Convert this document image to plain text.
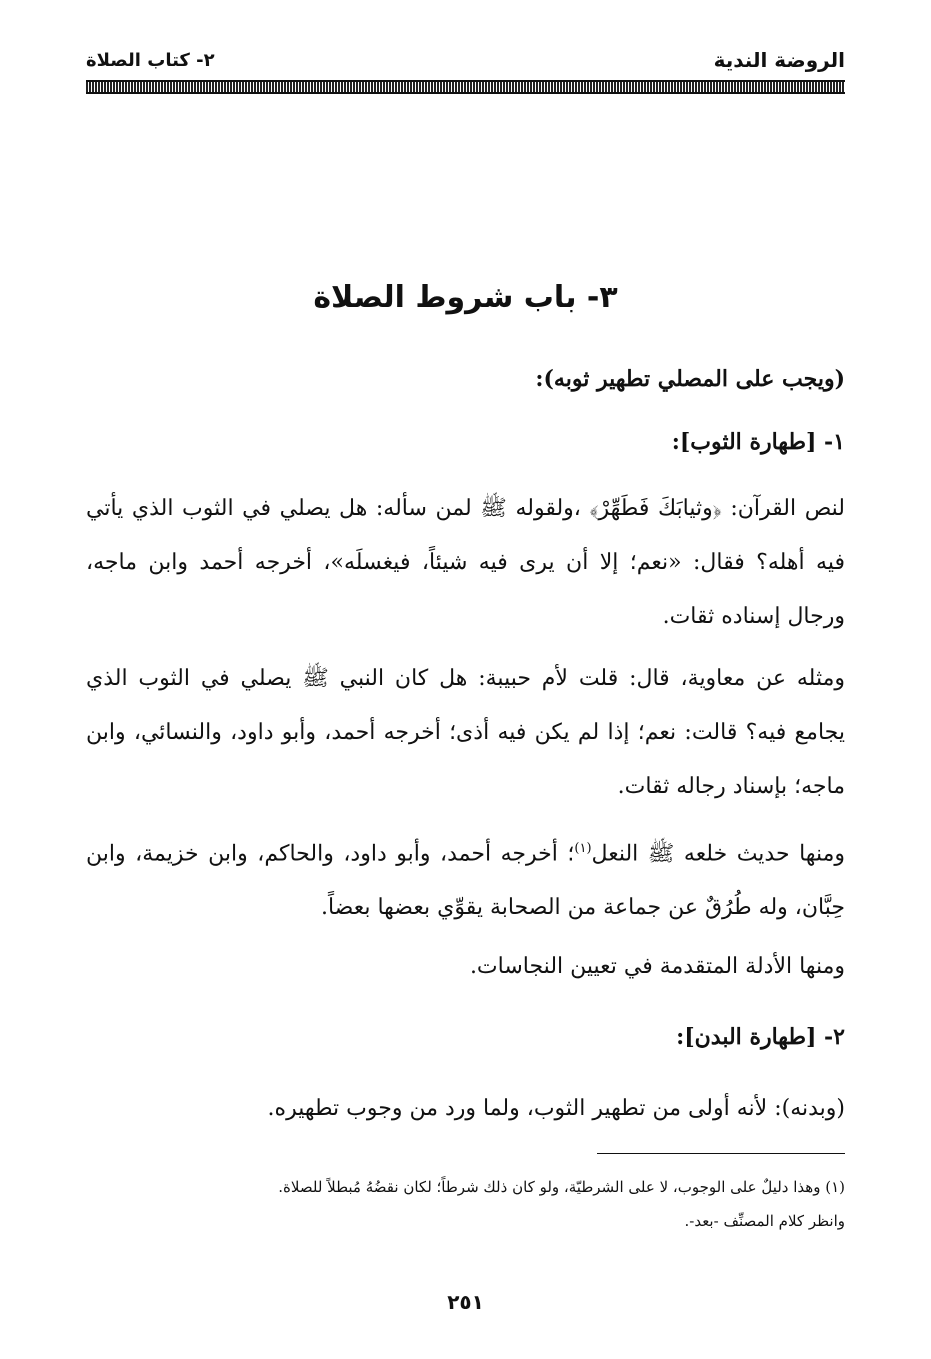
الروضة الندية
٢- كتاب الصلاة
٣- باب شروط الصلاة

(ويجب على المصلي تطهير ثوبه):

١- [طهارة الثوب]:

لنص القرآن: ﴿وثيابَكَ فَطَهِّرْ﴾ ،ولقوله ﷺ لمن سأله: هل يصلي في الثوب الذي يأتي فيه أهله؟ فقال: «نعم؛ إلا أن يرى فيه شيئاً، فيغسلَه»، أخرجه أحمد وابن ماجه، ورجال إسناده ثقات.

ومثله عن معاوية، قال: قلت لأم حبيبة: هل كان النبي ﷺ يصلي في الثوب الذي يجامع فيه؟ قالت: نعم؛ إذا لم يكن فيه أذى؛ أخرجه أحمد، وأبو داود، والنسائي، وابن ماجه؛ بإسناد رجاله ثقات.

ومنها حديث خلعه ﷺ النعل$^{(١)}$؛ أخرجه أحمد، وأبو داود، والحاكم، وابن خزيمة، وابن حِبَّان، وله طُرُقٌ عن جماعة من الصحابة يقوِّي بعضها بعضاً.

ومنها الأدلة المتقدمة في تعيين النجاسات.

٢- [طهارة البدن]:

(وبدنه): لأنه أولى من تطهير الثوب، ولما ورد من وجوب تطهيره.

(١) وهذا دليلٌ على الوجوب، لا على الشرطيّة، ولو كان ذلك شرطاً؛ لكان نقضُهُ مُبطلاً للصلاة.

وانظر كلام المصنِّف -بعد-.

٢٥١
